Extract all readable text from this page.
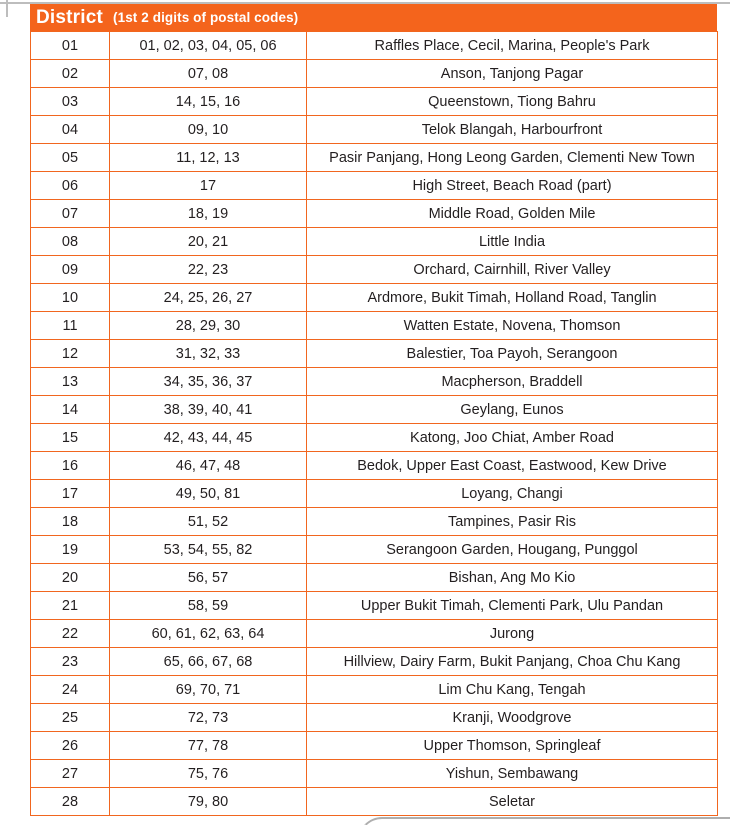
District (1st 2 digits of postal codes)
01	01, 02, 03, 04, 05, 06	Raffles Place, Cecil, Marina, People's Park
02	07, 08	Anson, Tanjong Pagar
03	14, 15, 16	Queenstown, Tiong Bahru
04	09, 10	Telok Blangah, Harbourfront
05	11, 12, 13	Pasir Panjang, Hong Leong Garden, Clementi New Town
06	17	High Street, Beach Road (part)
07	18, 19	Middle Road, Golden Mile
08	20, 21	Little India
09	22, 23	Orchard, Cairnhill, River Valley
10	24, 25, 26, 27	Ardmore, Bukit Timah, Holland Road, Tanglin
11	28, 29, 30	Watten Estate, Novena, Thomson
12	31, 32, 33	Balestier, Toa Payoh, Serangoon
13	34, 35, 36, 37	Macpherson, Braddell
14	38, 39, 40, 41	Geylang, Eunos
15	42, 43, 44, 45	Katong, Joo Chiat, Amber Road
16	46, 47, 48	Bedok, Upper East Coast, Eastwood, Kew Drive
17	49, 50, 81	Loyang, Changi
18	51, 52	Tampines, Pasir Ris
19	53, 54, 55, 82	Serangoon Garden, Hougang, Punggol
20	56, 57	Bishan, Ang Mo Kio
21	58, 59	Upper Bukit Timah, Clementi Park, Ulu Pandan
22	60, 61, 62, 63, 64	Jurong
23	65, 66, 67, 68	Hillview, Dairy Farm, Bukit Panjang, Choa Chu Kang
24	69, 70, 71	Lim Chu Kang, Tengah
25	72, 73	Kranji, Woodgrove
26	77, 78	Upper Thomson, Springleaf
27	75, 76	Yishun, Sembawang
28	79, 80	Seletar
